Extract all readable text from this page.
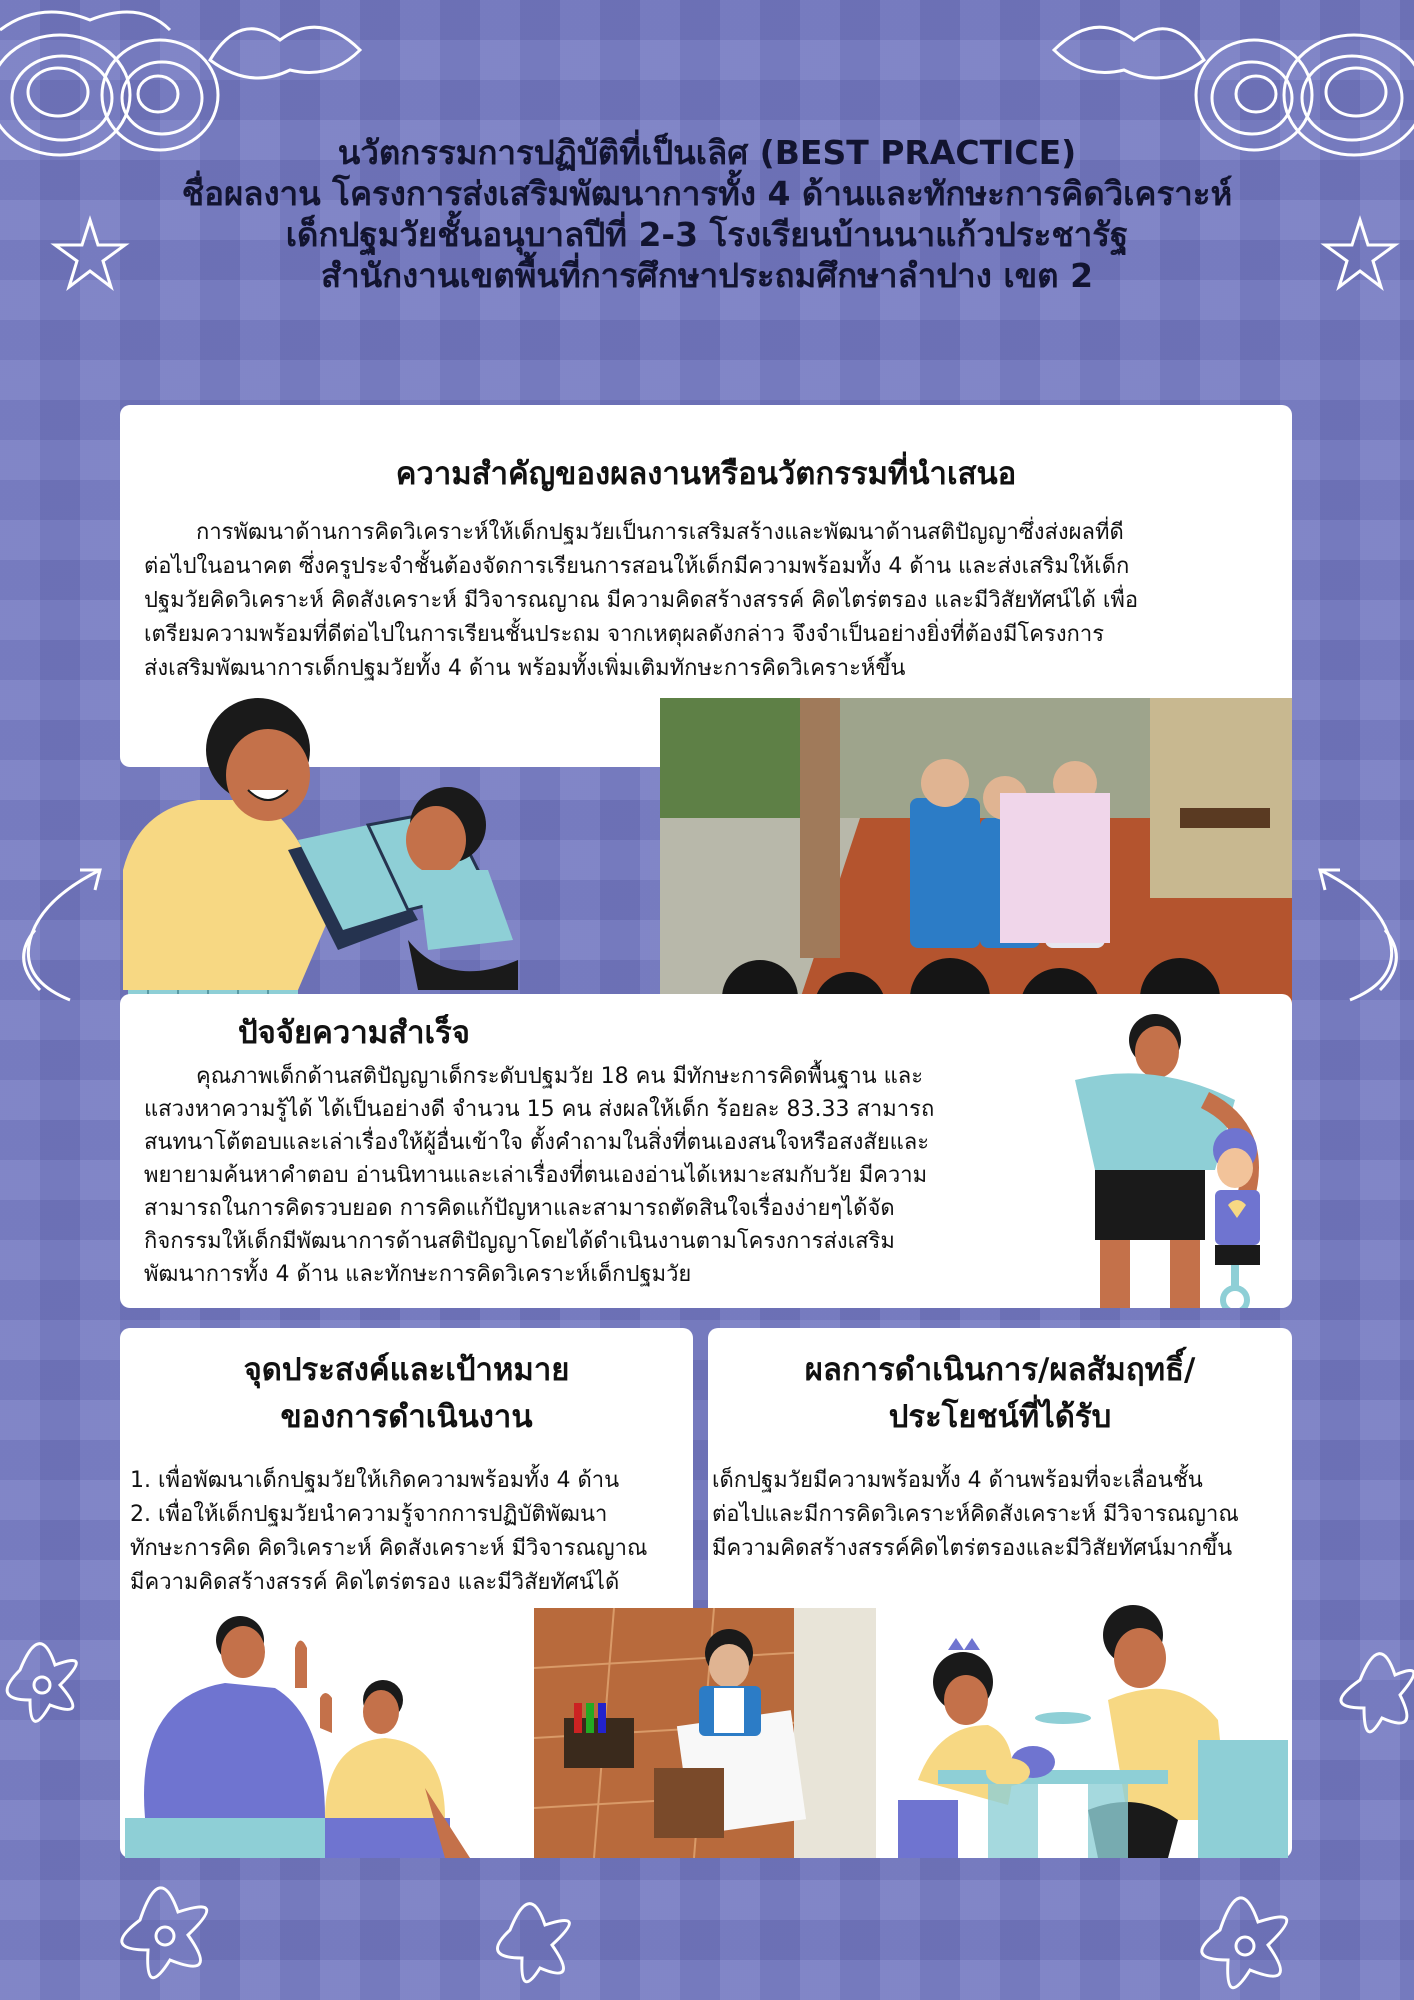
นวัตกรรมการปฏิบัติที่เป็นเลิศ (BEST PRACTICE)
ชื่อผลงาน โครงการส่งเสริมพัฒนาการทั้ง 4 ด้านและทักษะการคิดวิเคราะห์
เด็กปฐมวัยชั้นอนุบาลปีที่ 2-3 โรงเรียนบ้านนาแก้วประชารัฐ
สำนักงานเขตพื้นที่การศึกษาประถมศึกษาลำปาง เขต 2
ความสำคัญของผลงานหรือนวัตกรรมที่นำเสนอ
การพัฒนาด้านการคิดวิเคราะห์ให้เด็กปฐมวัยเป็นการเสริมสร้างและพัฒนาด้านสติปัญญาซึ่งส่งผลที่ดี
ต่อไปในอนาคต ซึ่งครูประจำชั้นต้องจัดการเรียนการสอนให้เด็กมีความพร้อมทั้ง 4 ด้าน และส่งเสริมให้เด็ก
ปฐมวัยคิดวิเคราะห์ คิดสังเคราะห์ มีวิจารณญาณ มีความคิดสร้างสรรค์ คิดไตร่ตรอง และมีวิสัยทัศน์ได้ เพื่อ
เตรียมความพร้อมที่ดีต่อไปในการเรียนชั้นประถม จากเหตุผลดังกล่าว จึงจำเป็นอย่างยิ่งที่ต้องมีโครงการ
ส่งเสริมพัฒนาการเด็กปฐมวัยทั้ง 4 ด้าน พร้อมทั้งเพิ่มเติมทักษะการคิดวิเคราะห์ขึ้น
ปัจจัยความสำเร็จ
คุณภาพเด็กด้านสติปัญญาเด็กระดับปฐมวัย 18 คน มีทักษะการคิดพื้นฐาน และ
แสวงหาความรู้ได้ ได้เป็นอย่างดี จำนวน 15 คน ส่งผลให้เด็ก ร้อยละ 83.33 สามารถ
สนทนาโต้ตอบและเล่าเรื่องให้ผู้อื่นเข้าใจ ตั้งคำถามในสิ่งที่ตนเองสนใจหรือสงสัยและ
พยายามค้นหาคำตอบ อ่านนิทานและเล่าเรื่องที่ตนเองอ่านได้เหมาะสมกับวัย มีความ
สามารถในการคิดรวบยอด การคิดแก้ปัญหาและสามารถตัดสินใจเรื่องง่ายๆได้จัด
กิจกรรมให้เด็กมีพัฒนาการด้านสติปัญญาโดยได้ดำเนินงานตามโครงการส่งเสริม
พัฒนาการทั้ง 4 ด้าน และทักษะการคิดวิเคราะห์เด็กปฐมวัย
จุดประสงค์และเป้าหมาย
ของการดำเนินงาน
1. เพื่อพัฒนาเด็กปฐมวัยให้เกิดความพร้อมทั้ง 4 ด้าน
2. เพื่อให้เด็กปฐมวัยนำความรู้จากการปฏิบัติพัฒนา
ทักษะการคิด คิดวิเคราะห์ คิดสังเคราะห์ มีวิจารณญาณ
มีความคิดสร้างสรรค์ คิดไตร่ตรอง และมีวิสัยทัศน์ได้
ผลการดำเนินการ/ผลสัมฤทธิ์/
ประโยชน์ที่ได้รับ
เด็กปฐมวัยมีความพร้อมทั้ง 4 ด้านพร้อมที่จะเลื่อนชั้น
ต่อไปและมีการคิดวิเคราะห์คิดสังเคราะห์ มีวิจารณญาณ
มีความคิดสร้างสรรค์คิดไตร่ตรองและมีวิสัยทัศน์มากขึ้น
